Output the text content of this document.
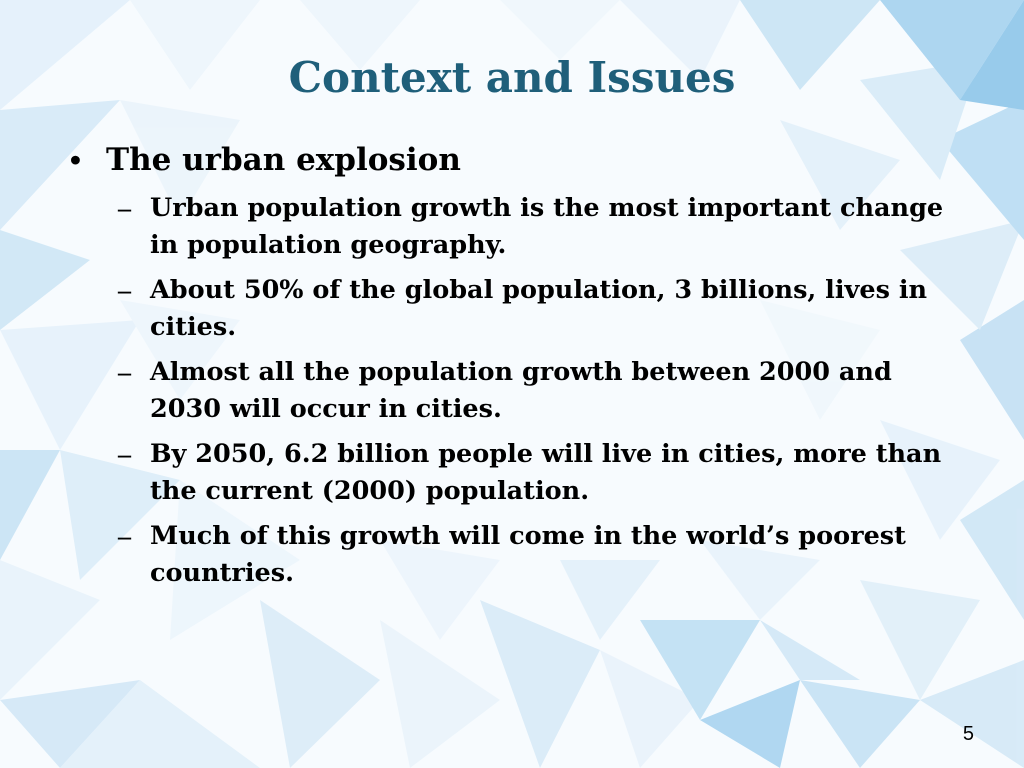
Context and Issues
• The urban explosion
– Urban population growth is the most important change in population geography.
– About 50% of the global population, 3 billions, lives in cities.
– Almost all the population growth between 2000 and 2030 will occur in cities.
– By 2050, 6.2 billion people will live in cities, more than the current (2000) population.
– Much of this growth will come in the world’s poorest countries.
5
